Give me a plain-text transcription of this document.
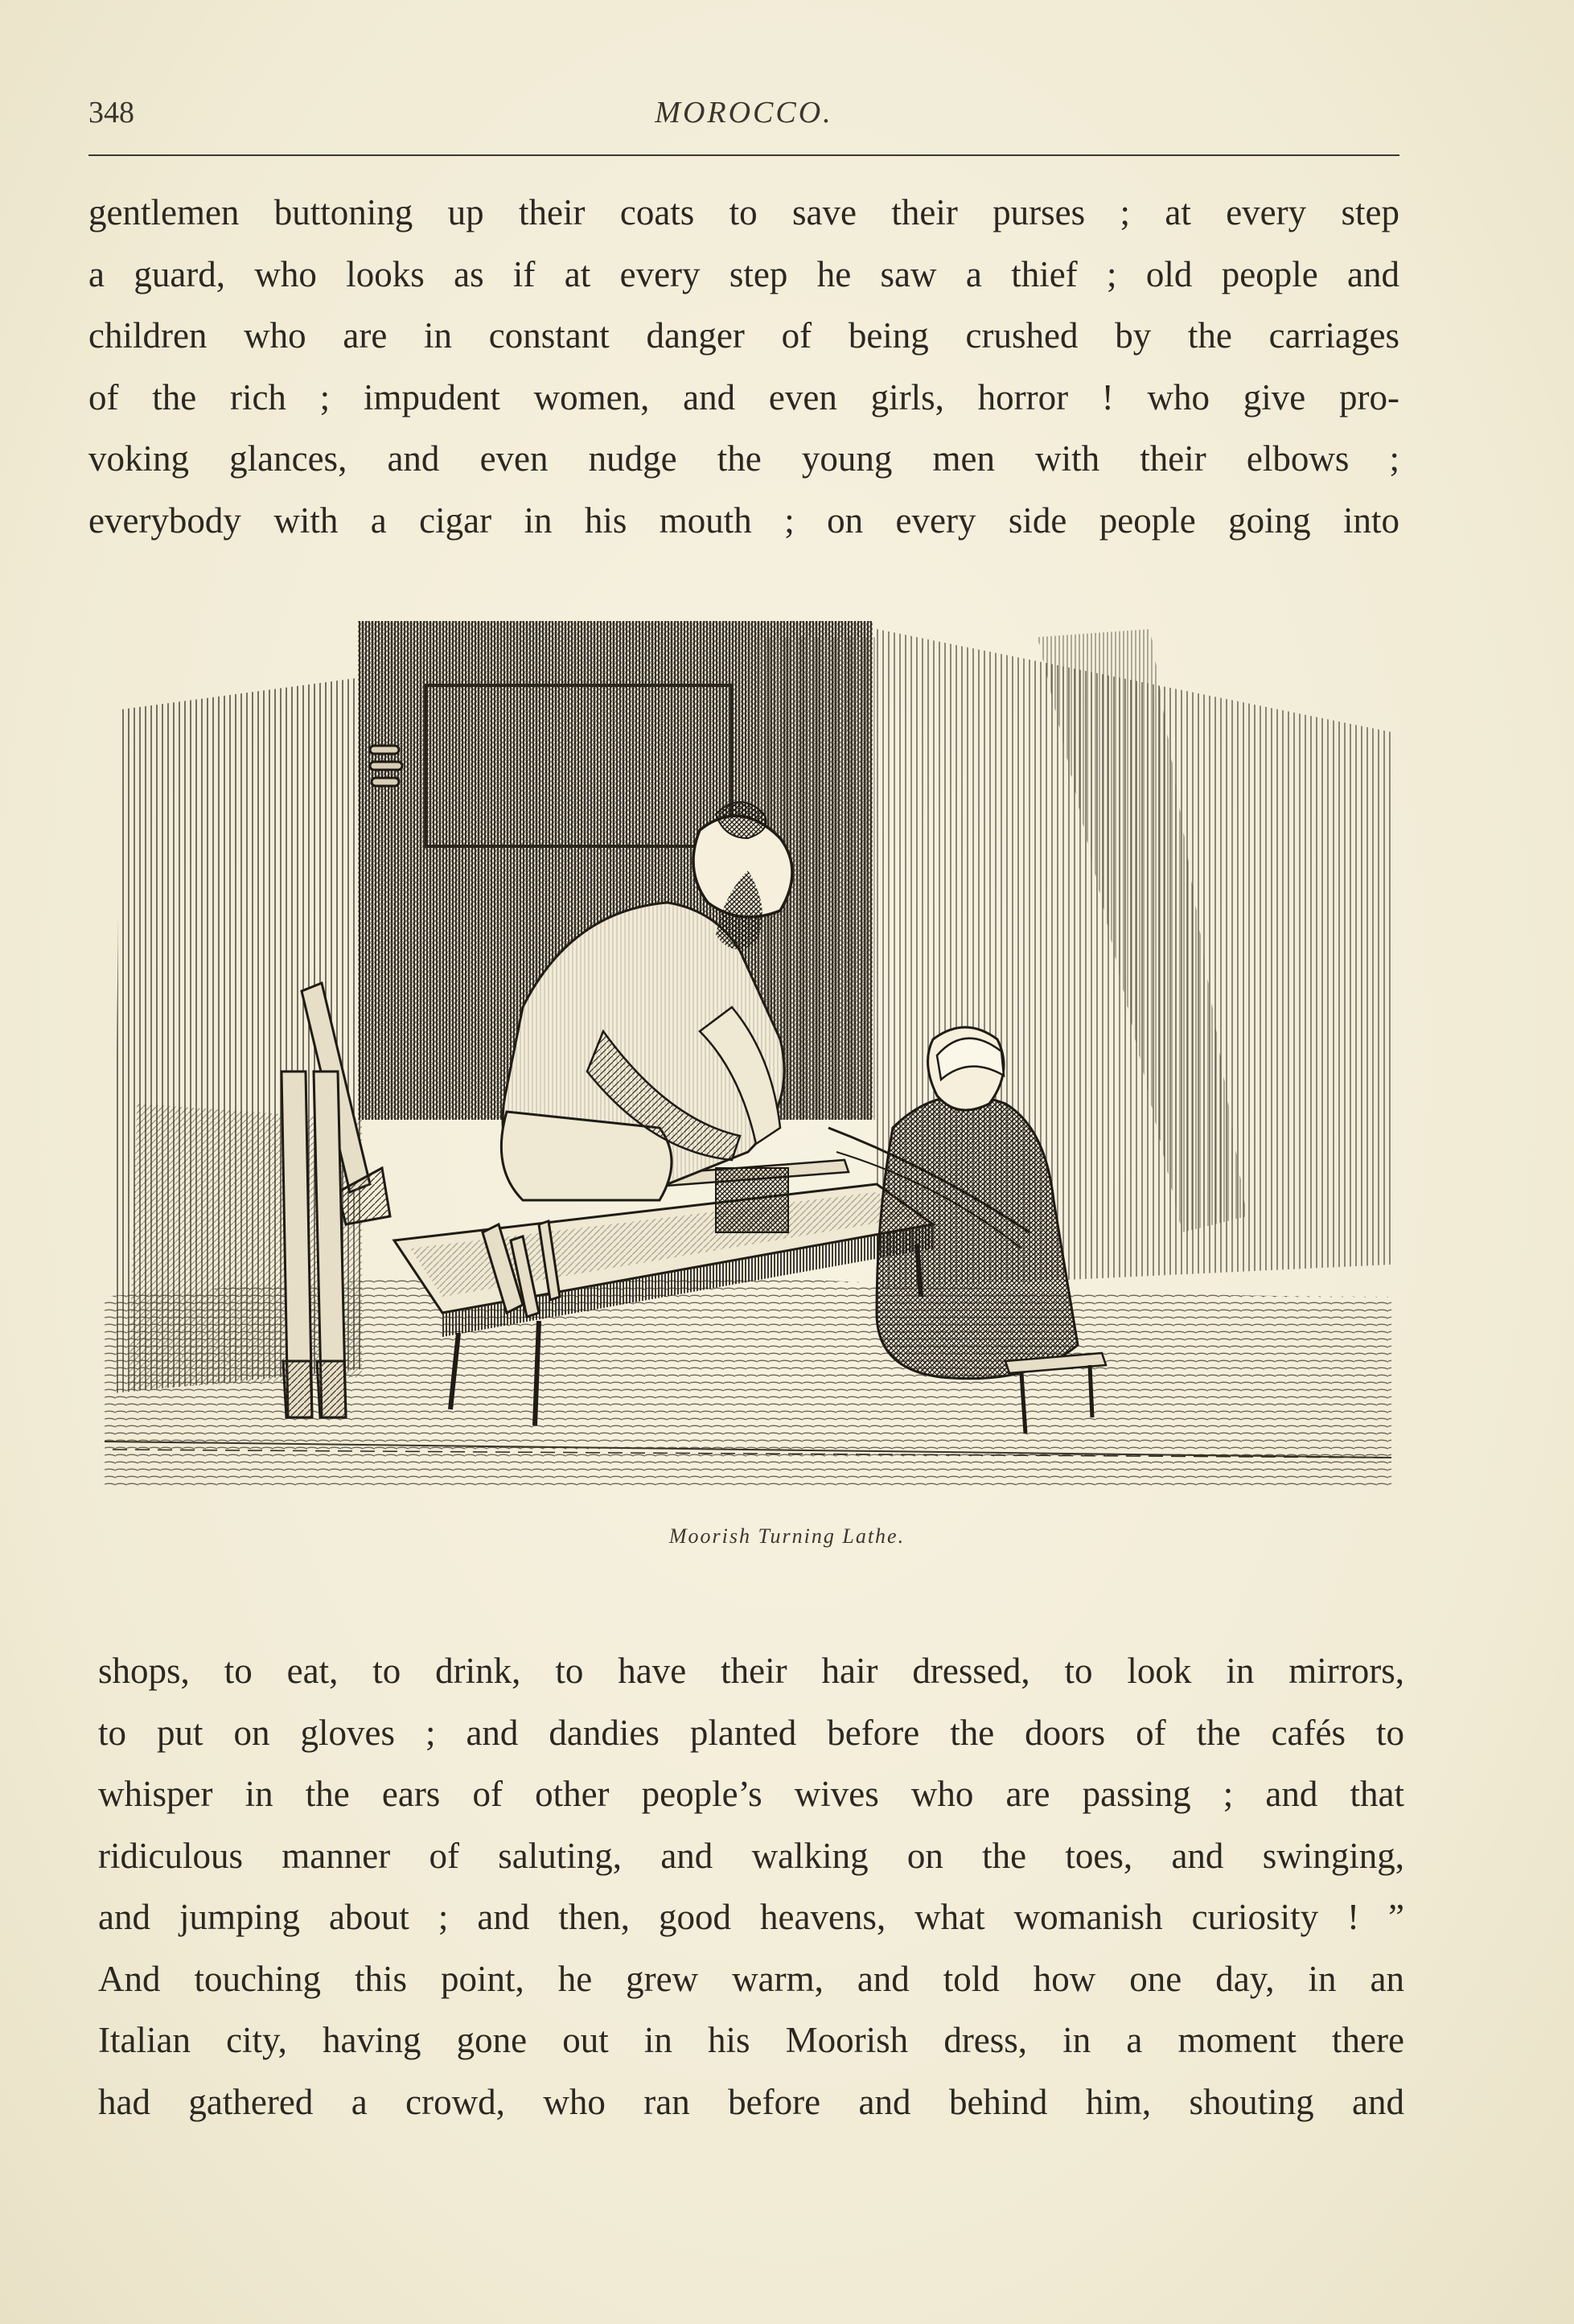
348	MOROCCO.
gentlemen buttoning up their coats to save their purses ; at every step
a guard, who looks as if at every step he saw a thief ; old people and
children who are in constant danger of being crushed by the carriages
of the rich ; impudent women, and even girls, horror ! who give pro-
voking glances, and even nudge the young men with their elbows ;
everybody with a cigar in his mouth ; on every side people going into
Moorish Turning Lathe.
shops, to eat, to drink, to have their hair dressed, to look in mirrors,
to put on gloves ; and dandies planted before the doors of the cafés to
whisper in the ears of other people’s wives who are passing ; and that
ridiculous manner of saluting, and walking on the toes, and swinging,
and jumping about ; and then, good heavens, what womanish curiosity ! ”
And touching this point, he grew warm, and told how one day, in an
Italian city, having gone out in his Moorish dress, in a moment there
had gathered a crowd, who ran before and behind him, shouting and
